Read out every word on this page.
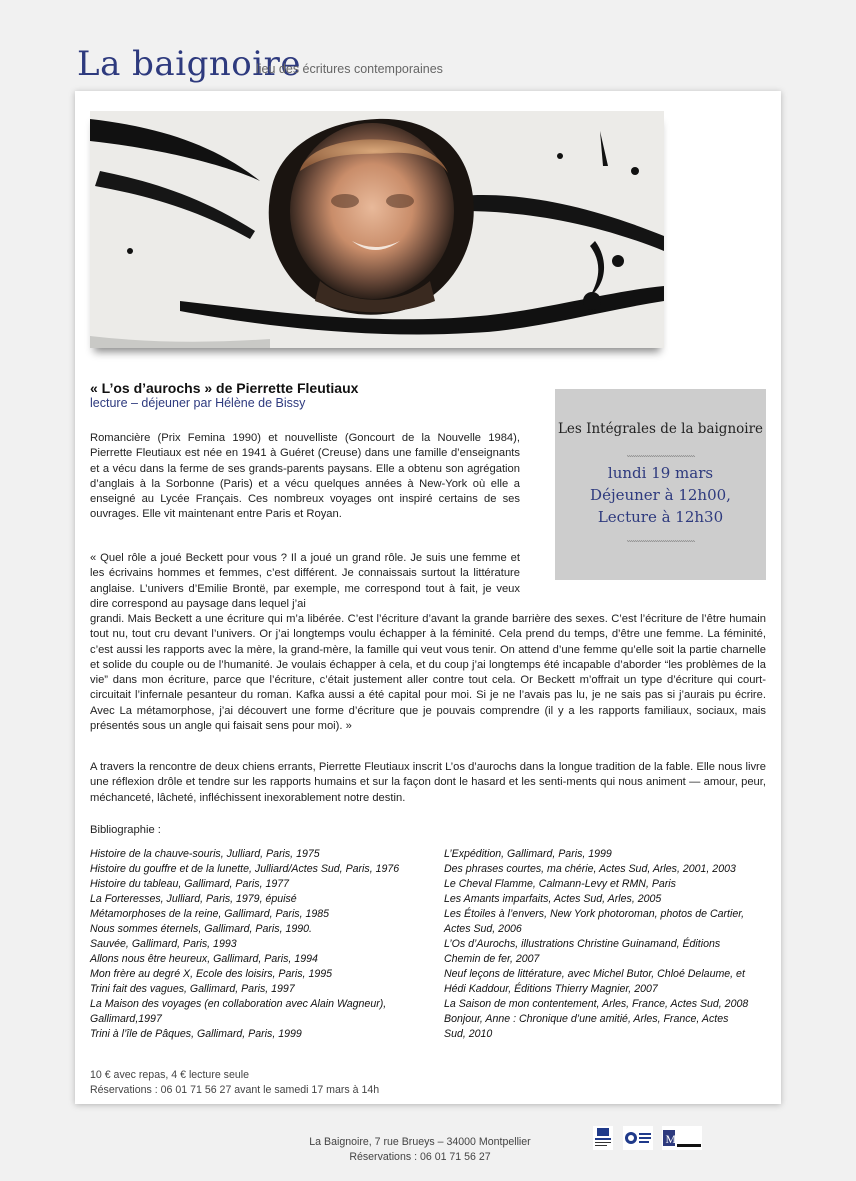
La baignoire
lieu des écritures contemporaines
« L’os d’aurochs » de Pierrette Fleutiaux
lecture – déjeuner par Hélène de Bissy
Les Intégrales de la baignoire
ˏˏˏˏˏˏˏˏˏˏˏˏˏˏˏˏˏˏˏˏˏˏˏˏˏˏˏˏˏˏˏˏˏˏ
lundi 19 mars
Déjeuner à 12h00,
Lecture à 12h30
ˏˏˏˏˏˏˏˏˏˏˏˏˏˏˏˏˏˏˏˏˏˏˏˏˏˏˏˏˏˏˏˏˏˏ

Romancière (Prix Femina 1990) et nouvelliste (Goncourt de la Nouvelle 1984), Pierrette Fleutiaux est née en 1941 à Guéret (Creuse) dans une famille d’enseignants et a vécu dans la ferme de ses grands-parents paysans. Elle a obtenu son agrégation d’anglais à la Sorbonne (Paris) et a vécu quelques années à New-York où elle a enseigné au Lycée Français. Ces nombreux voyages ont inspiré certains de ses ouvrages. Elle vit maintenant entre Paris et Royan.

« Quel rôle a joué Beckett pour vous ? Il a joué un grand rôle. Je suis une femme et les écrivains hommes et femmes, c’est différent. Je connaissais surtout la littérature anglaise. L’univers d’Emilie Brontë, par exemple, me correspond tout à fait, je veux dire correspond au paysage dans lequel j’ai

grandi. Mais Beckett a une écriture qui m’a libérée. C’est l’écriture d’avant la grande barrière des sexes. C’est l’écriture de l’être humain tout nu, tout cru devant l’univers. Or j’ai longtemps voulu échapper à la féminité. Cela prend du temps, d’être une femme. La féminité, c’est aussi les rapports avec la mère, la grand-mère, la famille qui veut vous tenir. On attend d’une femme qu’elle soit la partie charnelle et solide du couple ou de l’humanité. Je voulais échapper à cela, et du coup j’ai longtemps été incapable d’aborder “les problèmes de la vie” dans mon écriture, parce que l’écriture, c’était justement aller contre tout cela. Or Beckett m’offrait un type d’écriture qui court-circuitait l’infernale pesanteur du roman. Kafka aussi a été capital pour moi. Si je ne l’avais pas lu, je ne sais pas si j’aurais pu écrire. Avec La métamorphose, j’ai découvert une forme d’écriture que je pouvais comprendre (il y a les rapports familiaux, sociaux, mais présentés sous un angle qui faisait sens pour moi). »

A travers la rencontre de deux chiens errants, Pierrette Fleutiaux inscrit L’os d’aurochs dans la longue tradition de la fable. Elle nous livre une réflexion drôle et tendre sur les rapports humains et sur la façon dont le hasard et les senti-ments qui nous animent — amour, peur, méchanceté, lâcheté, infléchissent inexorablement notre destin.

Bibliographie :
Histoire de la chauve-souris, Julliard, Paris, 1975
Histoire du gouffre et de la lunette, Julliard/Actes Sud, Paris, 1976
Histoire du tableau, Gallimard, Paris, 1977
La Forteresses, Julliard, Paris, 1979, épuisé
Métamorphoses de la reine, Gallimard, Paris, 1985
Nous sommes éternels, Gallimard, Paris, 1990.
Sauvée, Gallimard, Paris, 1993
Allons nous être heureux, Gallimard, Paris, 1994
Mon frère au degré X, Ecole des loisirs, Paris, 1995
Trini fait des vagues, Gallimard, Paris, 1997
La Maison des voyages (en collaboration avec Alain Wagneur),
Gallimard,1997
Trini à l’île de Pâques, Gallimard, Paris, 1999
L’Expédition, Gallimard, Paris, 1999
Des phrases courtes, ma chérie, Actes Sud, Arles, 2001, 2003
Le Cheval Flamme, Calmann-Levy et RMN, Paris
Les Amants imparfaits, Actes Sud, Arles, 2005
Les Étoiles à l’envers, New York photoroman, photos de Cartier,
Actes Sud, 2006
L’Os d’Aurochs, illustrations Christine Guinamand, Éditions
Chemin de fer, 2007
Neuf leçons de littérature, avec Michel Butor, Chloé Delaume, et
Hédi Kaddour, Éditions Thierry Magnier, 2007
La Saison de mon contentement, Arles, France, Actes Sud, 2008
Bonjour, Anne : Chronique d’une amitié, Arles, France, Actes
Sud, 2010
10 € avec repas, 4 € lecture seule
Réservations : 06 01 71 56 27 avant le samedi 17 mars à 14h
La Baignoire, 7 rue Brueys – 34000 Montpellier
Réservations : 06 01 71 56 27
M
